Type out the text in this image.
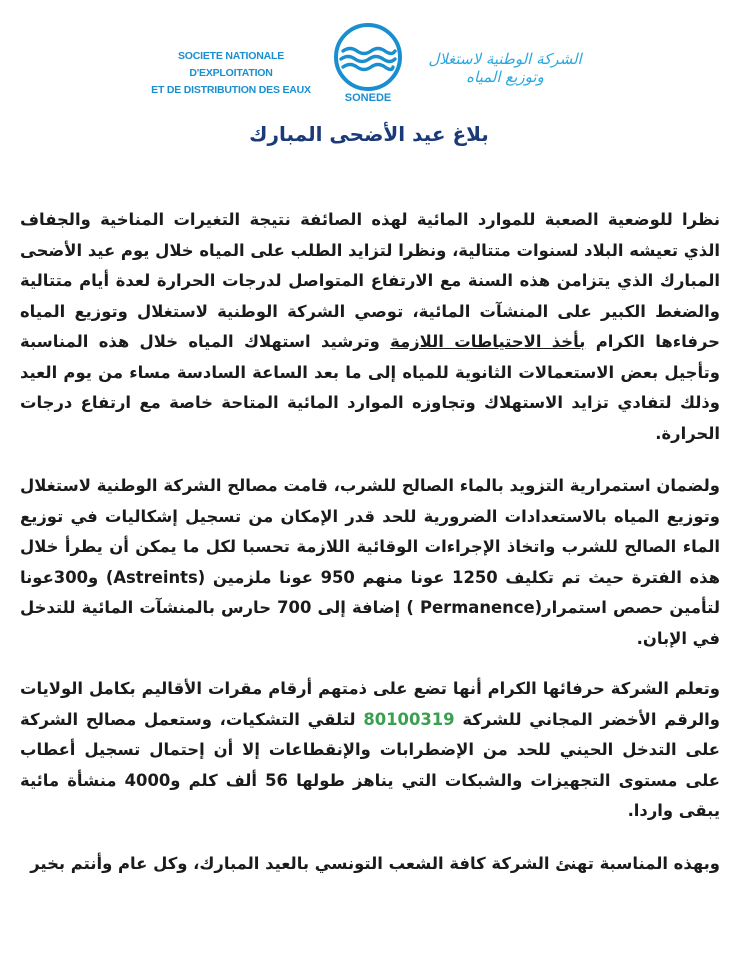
SOCIETE NATIONALE D'EXPLOITATION
ET DE DISTRIBUTION DES EAUX
SONEDE
الشركة الوطنية لاستغلال وتوزيع المياه
بلاغ عيد الأضحى المبارك

نظرا للوضعية الصعبة للموارد المائية لهذه الصائفة نتيجة التغيرات المناخية والجفاف الذي تعيشه البلاد لسنوات متتالية، ونظرا لتزايد الطلب على المياه خلال يوم عيد الأضحى المبارك الذي يتزامن هذه السنة مع الارتفاع المتواصل لدرجات الحرارة لعدة أيام متتالية والضغط الكبير على المنشآت المائية، توصي الشركة الوطنية لاستغلال وتوزيع المياه حرفاءها الكرام بأخذ الاحتياطات اللازمة وترشيد استهلاك المياه خلال هذه المناسبة وتأجيل بعض الاستعمالات الثانوية للمياه إلى ما بعد الساعة السادسة مساء من يوم العيد وذلك لتفادي تزايد الاستهلاك وتجاوزه الموارد المائية المتاحة خاصة مع ارتفاع درجات الحرارة.

ولضمان استمرارية التزويد بالماء الصالح للشرب، قامت مصالح الشركة الوطنية لاستغلال وتوزيع المياه بالاستعدادات الضرورية للحد قدر الإمكان من تسجيل إشكاليات في توزيع الماء الصالح للشرب واتخاذ الإجراءات الوقائية اللازمة تحسبا لكل ما يمكن أن يطرأ خلال هذه الفترة حيث تم تكليف 1250 عونا منهم 950 عونا ملزمين (Astreints) و300عونا لتأمين حصص استمرار(Permanence ) إضافة إلى 700 حارس بالمنشآت المائية للتدخل في الإبان.

وتعلم الشركة حرفائها الكرام أنها تضع على ذمتهم أرقام مقرات الأقاليم بكامل الولايات والرقم الأخضر المجاني للشركة 80100319 لتلقي التشكيات، وستعمل مصالح الشركة على التدخل الحيني للحد من الإضطرابات والإنقطاعات إلا أن إحتمال تسجيل أعطاب على مستوى التجهيزات والشبكات التي يناهز طولها 56 ألف كلم و4000 منشأة مائية يبقى واردا.

وبهذه المناسبة تهنئ الشركة كافة الشعب التونسي بالعيد المبارك، وكل عام وأنتم بخير
